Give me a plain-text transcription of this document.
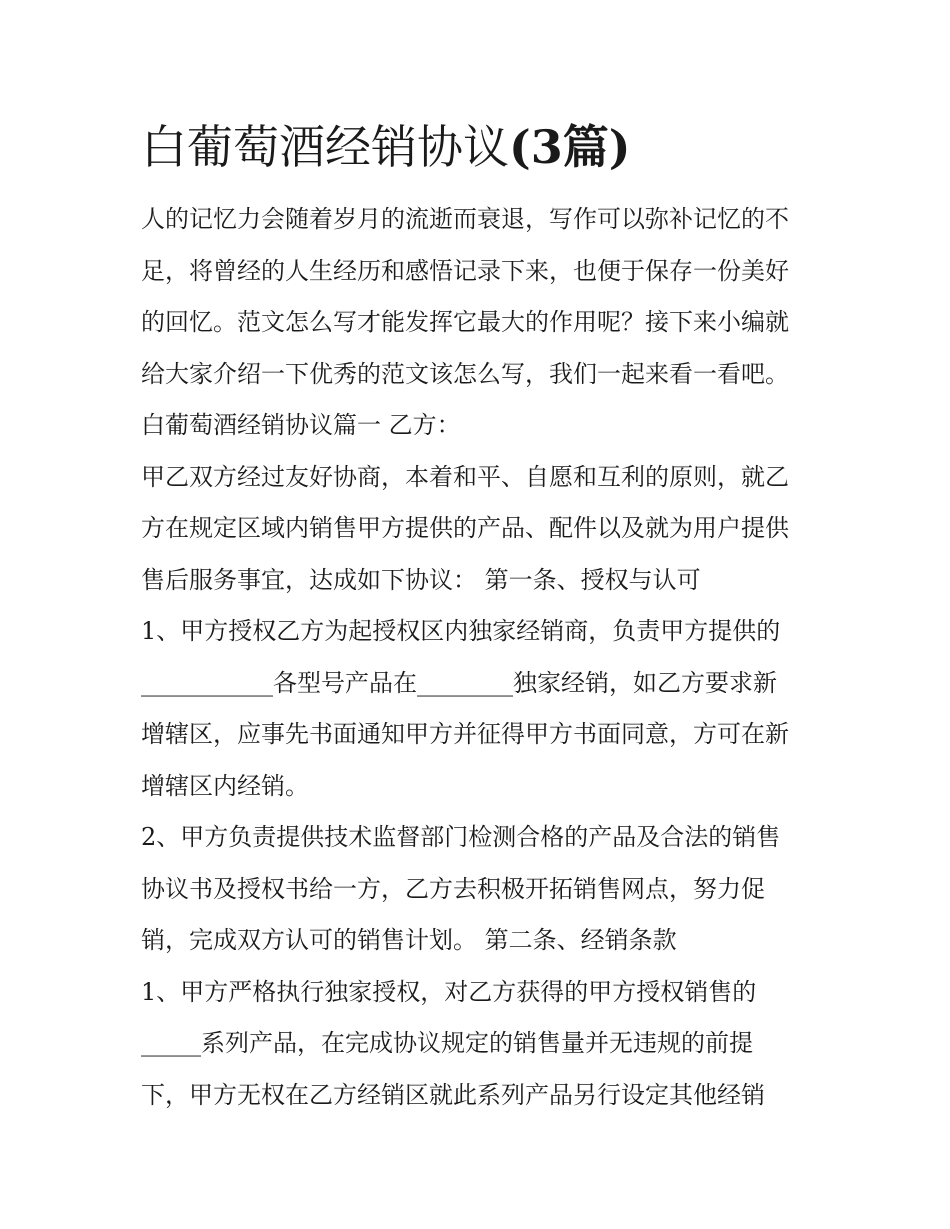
白葡萄酒经销协议(3篇)
人的记忆力会随着岁月的流逝而衰退，写作可以弥补记忆的不
足，将曾经的人生经历和感悟记录下来，也便于保存一份美好
的回忆。范文怎么写才能发挥它最大的作用呢？接下来小编就
给大家介绍一下优秀的范文该怎么写，我们一起来看一看吧。
白葡萄酒经销协议篇一 乙方：
甲乙双方经过友好协商，本着和平、自愿和互利的原则，就乙
方在规定区域内销售甲方提供的产品、配件以及就为用户提供
售后服务事宜，达成如下协议： 第一条、授权与认可
1、甲方授权乙方为起授权区内独家经销商，负责甲方提供的
___________各型号产品在________独家经销，如乙方要求新
增辖区，应事先书面通知甲方并征得甲方书面同意，方可在新
增辖区内经销。
2、甲方负责提供技术监督部门检测合格的产品及合法的销售
协议书及授权书给一方，乙方去积极开拓销售网点，努力促
销，完成双方认可的销售计划。 第二条、经销条款
1、甲方严格执行独家授权，对乙方获得的甲方授权销售的
_____系列产品，在完成协议规定的销售量并无违规的前提
下，甲方无权在乙方经销区就此系列产品另行设定其他经销
